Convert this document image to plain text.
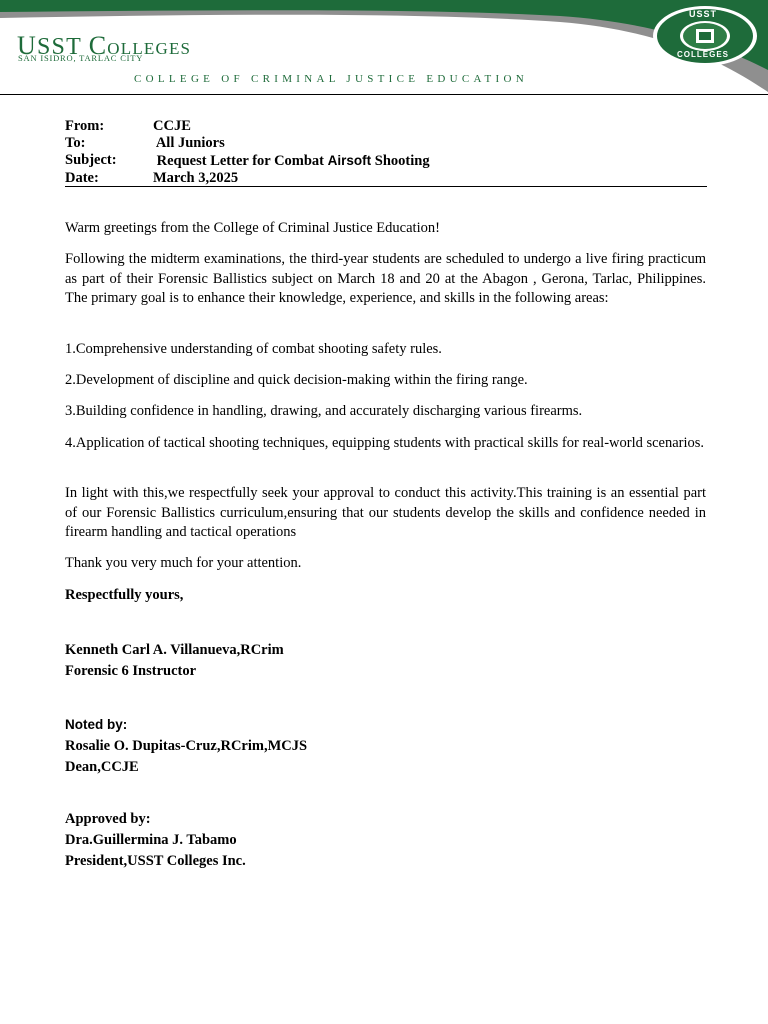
USST Colleges
SAN ISIDRO, TARLAC CITY
COLLEGE OF CRIMINAL JUSTICE EDUCATION
USST
COLLEGES
From:	CCJE
To:	All Juniors
Subject:	Request Letter for Combat Airsoft Shooting
Date:	March 3,2025
Warm greetings from the College of Criminal Justice Education!
Following the midterm examinations, the third-year students are scheduled to undergo a live firing practicum as part of their Forensic Ballistics subject on March 18 and 20 at the Abagon , Gerona, Tarlac, Philippines. The primary goal is to enhance their knowledge, experience, and skills in the following areas:
1.Comprehensive understanding of combat shooting safety rules.
2.Development of discipline and quick decision-making within the firing range.
3.Building confidence in handling, drawing, and accurately discharging various firearms.
4.Application of tactical shooting techniques, equipping students with practical skills for real-world scenarios.
In light with this,we respectfully seek your approval to conduct this activity.This training is an essential part of our Forensic Ballistics curriculum,ensuring that our students develop the skills and confidence needed in firearm handling and tactical operations
Thank you very much for your attention.
Respectfully yours,
Kenneth Carl A. Villanueva,RCrim
Forensic 6 Instructor
Noted by:
Rosalie O. Dupitas-Cruz,RCrim,MCJS
Dean,CCJE
Approved by:
Dra.Guillermina J. Tabamo
President,USST Colleges Inc.
